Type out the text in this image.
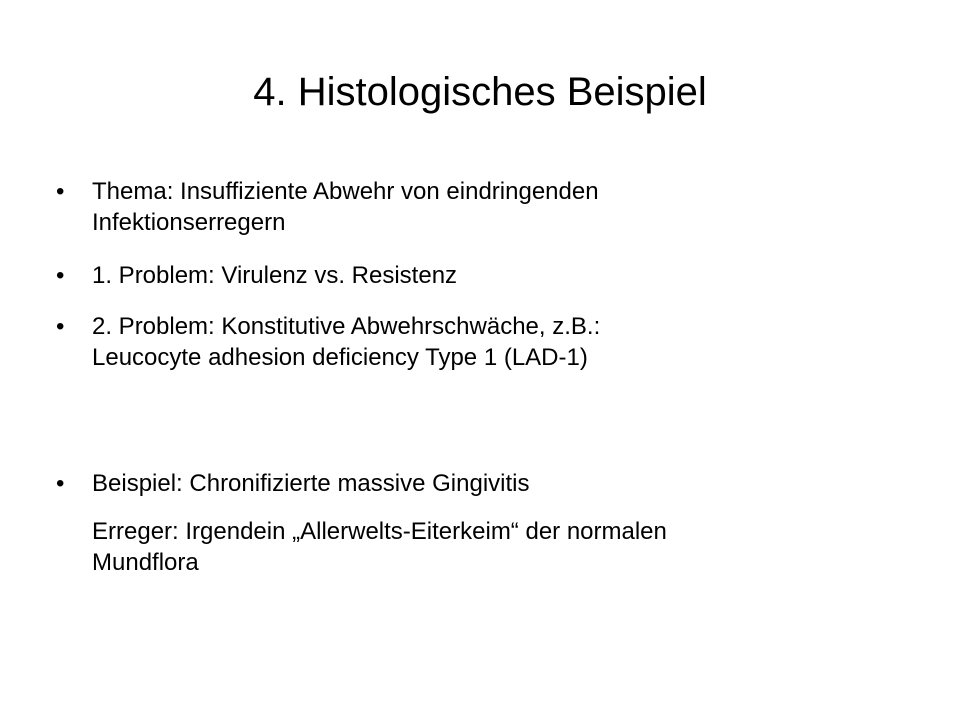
4. Histologisches Beispiel
•	Thema: Insuffiziente Abwehr von eindringenden
Infektionserregern
•	1. Problem: Virulenz vs. Resistenz
•	2. Problem: Konstitutive Abwehrschwäche, z.B.:
Leucocyte adhesion deficiency Type 1 (LAD-1)
•	Beispiel: Chronifizierte massive Gingivitis
Erreger: Irgendein „Allerwelts-Eiterkeim“ der normalen
Mundflora
